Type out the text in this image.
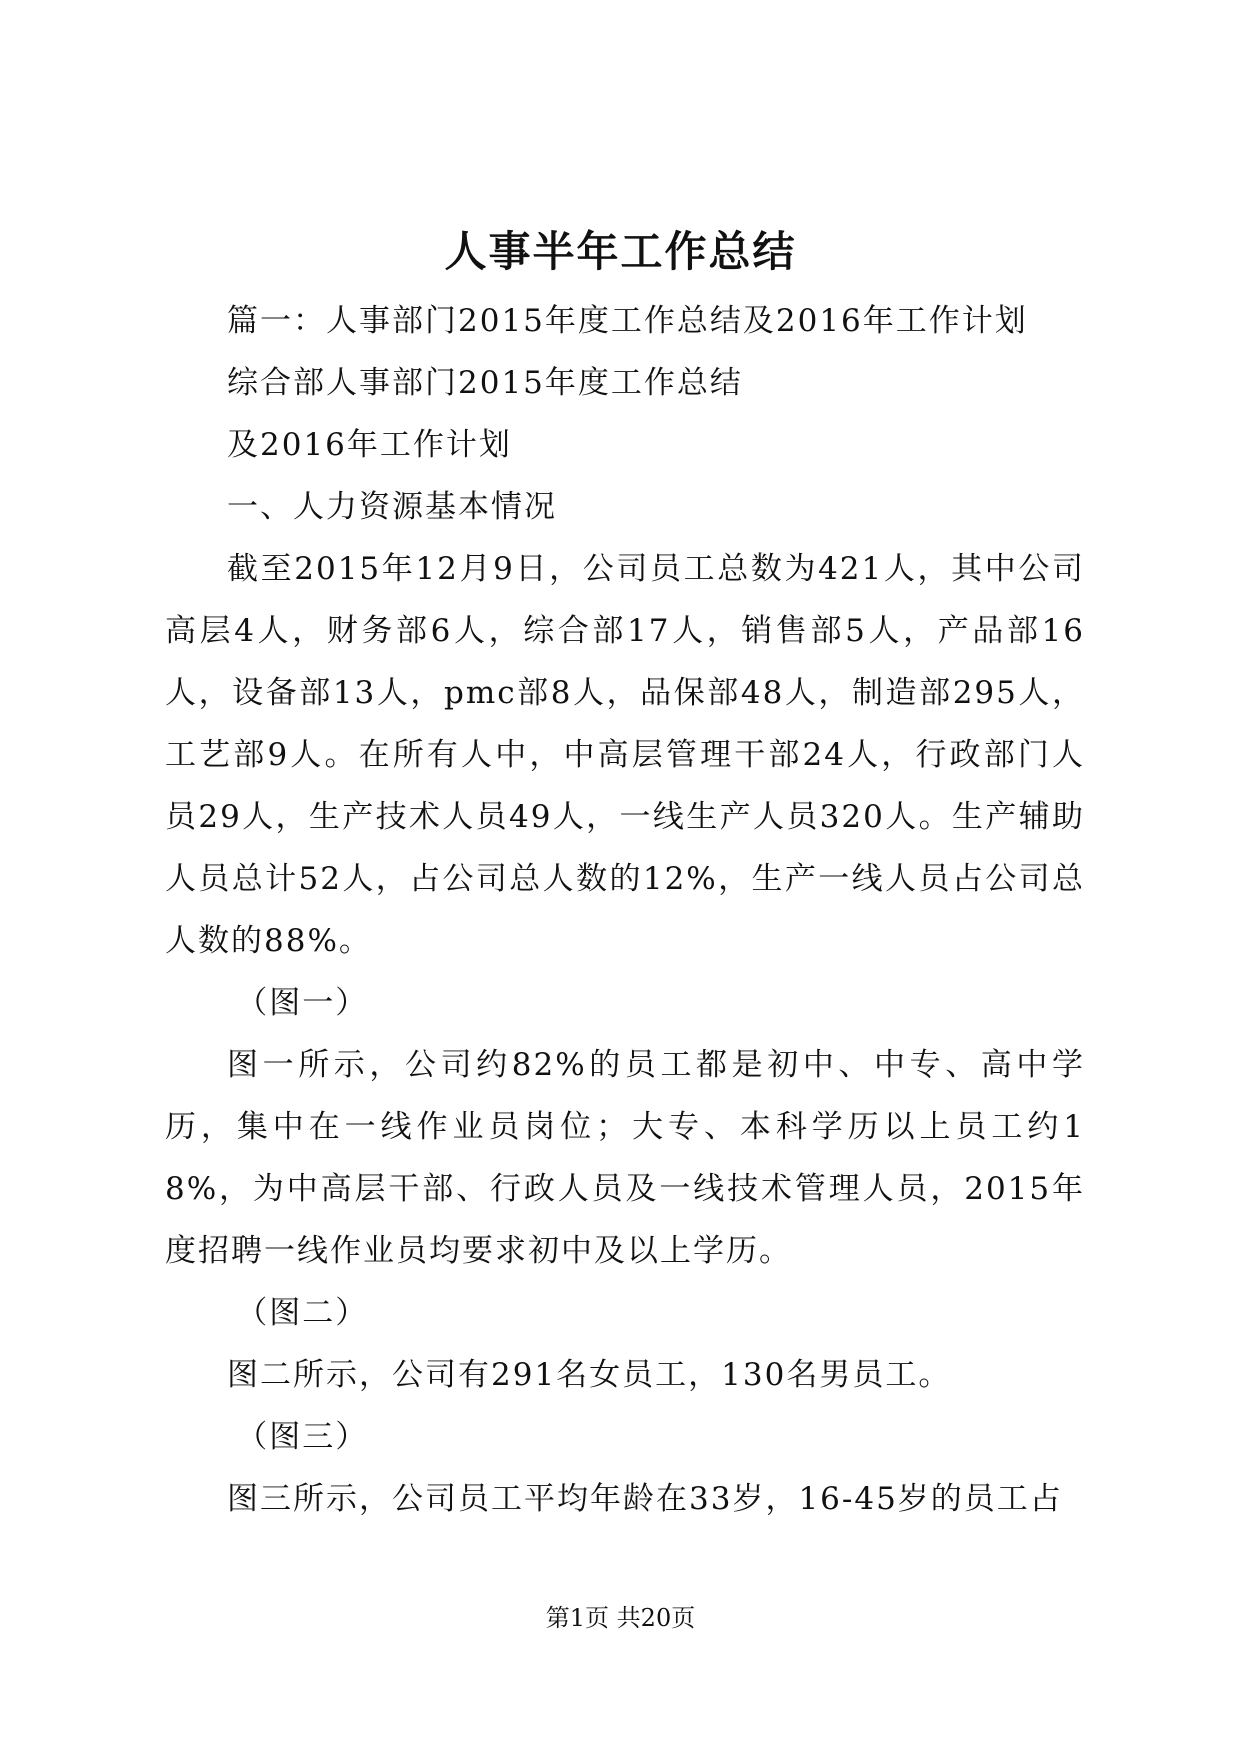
人事半年工作总结

篇一：人事部门2015年度工作总结及2016年工作计划

综合部人事部门2015年度工作总结

及2016年工作计划

一、人力资源基本情况

截至2015年12月9日，公司员工总数为421人，其中公司高层4人，财务部6人，综合部17人，销售部5人，产品部16人，设备部13人，pmc部8人，品保部48人，制造部295人，工艺部9人。在所有人中，中高层管理干部24人，行政部门人员29人，生产技术人员49人，一线生产人员320人。生产辅助人员总计52人，占公司总人数的12%，生产一线人员占公司总人数的88%。

（图一）

图一所示，公司约82%的员工都是初中、中专、高中学历，集中在一线作业员岗位；大专、本科学历以上员工约18%，为中高层干部、行政人员及一线技术管理人员，2015年度招聘一线作业员均要求初中及以上学历。

（图二）

图二所示，公司有291名女员工，130名男员工。

（图三）

图三所示，公司员工平均年龄在33岁，16-45岁的员工占

第1页 共20页
